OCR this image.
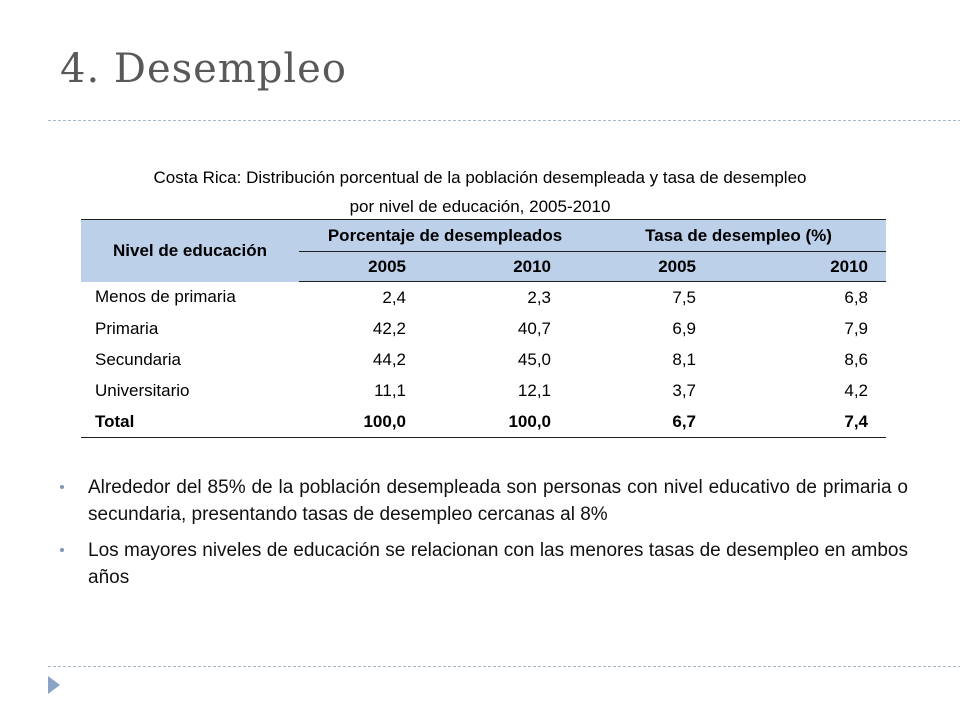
4. Desempleo
Costa Rica: Distribución porcentual de la población desempleada y tasa de desempleo
por nivel de educación, 2005-2010
Nivel de educación	Porcentaje de desempleados		Tasa de desempleo (%)	
	2005	2010	2005	2010
Menos de primaria	2,4	2,3	7,5	6,8
Primaria	42,2	40,7	6,9	7,9
Secundaria	44,2	45,0	8,1	8,6
Universitario	11,1	12,1	3,7	4,2
Total	100,0	100,0	6,7	7,4
Alrededor del 85% de la población desempleada son personas con nivel educativo de primaria o secundaria, presentando tasas de desempleo cercanas al 8%
Los mayores niveles de educación se relacionan con las menores tasas de desempleo en ambos años
